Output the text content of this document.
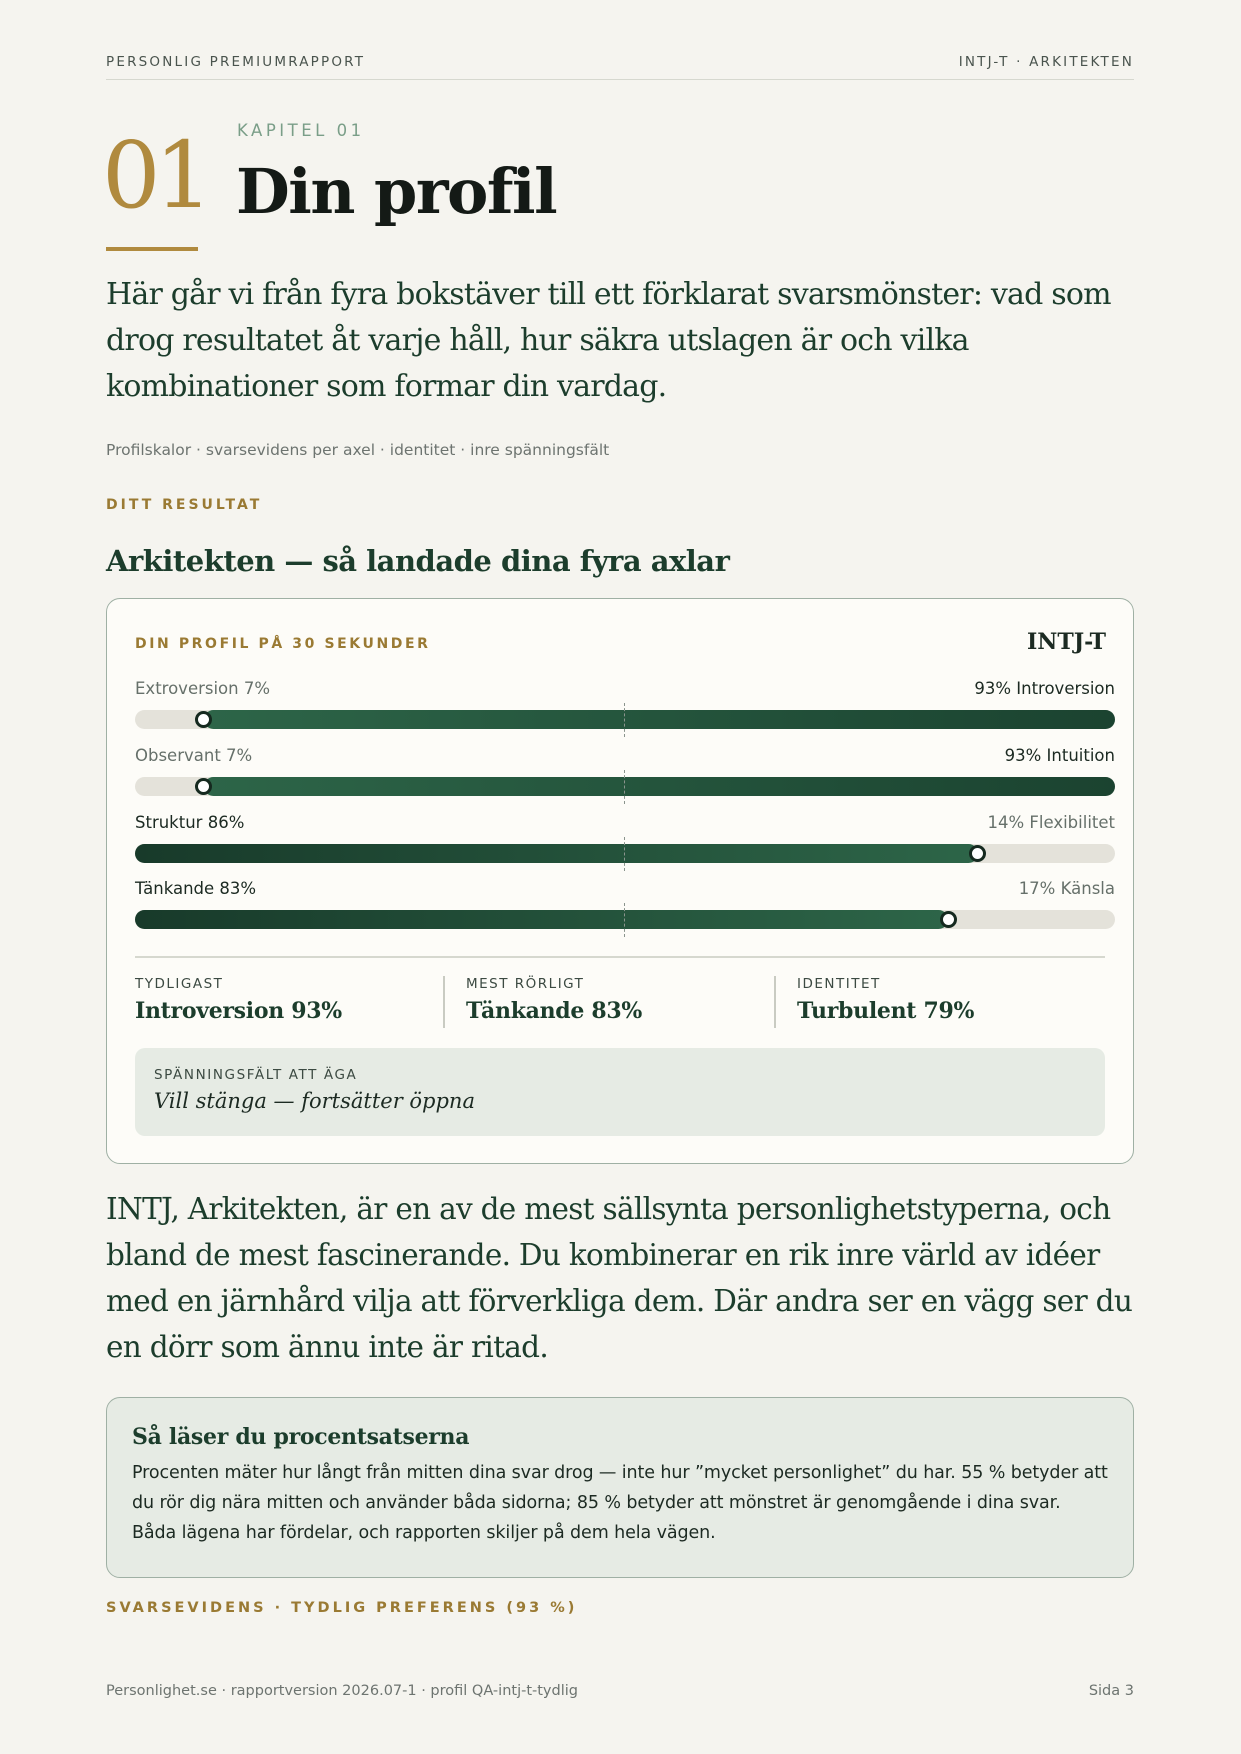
PERSONLIG PREMIUMRAPPORT	INTJ-T · ARKITEKTEN
01 KAPITEL 01
Din profil

Här går vi från fyra bokstäver till ett förklarat svarsmönster: vad som drog resultatet åt varje håll, hur säkra utslagen är och vilka kombinationer som formar din vardag.

Profilskalor · svarsevidens per axel · identitet · inre spänningsfält
DITT RESULTAT
Arkitekten — så landade dina fyra axlar
DIN PROFIL PÅ 30 SEKUNDER	INTJ-T
Extroversion 7%	93% Introversion
Observant 7%	93% Intuition
Struktur 86%	14% Flexibilitet
Tänkande 83%	17% Känsla
TYDLIGAST
Introversion 93%
MEST RÖRLIGT
Tänkande 83%
IDENTITET
Turbulent 79%
SPÄNNINGSFÄLT ATT ÄGA
Vill stänga — fortsätter öppna

INTJ, Arkitekten, är en av de mest sällsynta personlighetstyperna, och bland de mest fascinerande. Du kombinerar en rik inre värld av idéer med en järnhård vilja att förverkliga dem. Där andra ser en vägg ser du en dörr som ännu inte är ritad.

Så läser du procentsatserna

Procenten mäter hur långt från mitten dina svar drog — inte hur ”mycket personlighet” du har. 55 % betyder att du rör dig nära mitten och använder båda sidorna; 85 % betyder att mönstret är genomgående i dina svar. Båda lägena har fördelar, och rapporten skiljer på dem hela vägen.

SVARSEVIDENS · TYDLIG PREFERENS (93 %)
Personlighet.se · rapportversion 2026.07-1 · profil QA-intj-t-tydlig	Sida 3
